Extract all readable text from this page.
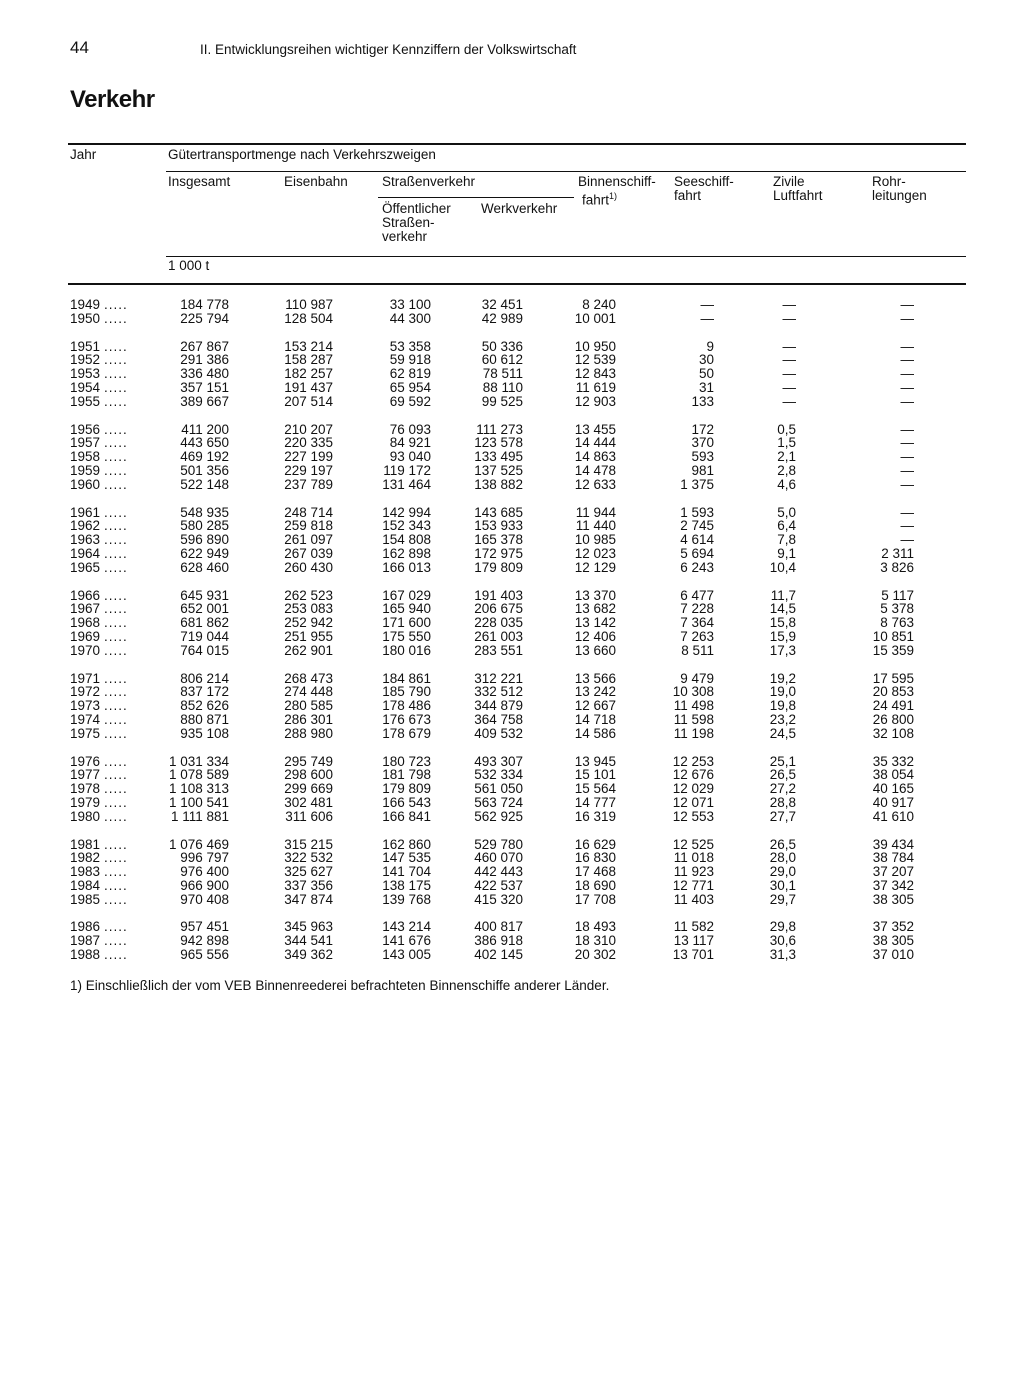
44	II. Entwicklungsreihen wichtiger Kennziffern der Volkswirtschaft
Verkehr
Jahr	Gütertransportmenge nach Verkehrszweigen
Insgesamt	Eisenbahn	Straßenverkehr
Öffentlicher
Straßen-
verkehr
Werkverkehr
Binnenschiff-
fahrt$^{1)}$
Seeschiff-
fahrt
Zivile
Luftfahrt
Rohr-
leitungen
1 000 t
1949 .....	184 778	110 987	33 100	32 451	8 240	—	—	—
1950 .....	225 794	128 504	44 300	42 989	10 001	—	—	—
1951 .....	267 867	153 214	53 358	50 336	10 950	9	—	—
1952 .....	291 386	158 287	59 918	60 612	12 539	30	—	—
1953 .....	336 480	182 257	62 819	78 511	12 843	50	—	—
1954 .....	357 151	191 437	65 954	88 110	11 619	31	—	—
1955 .....	389 667	207 514	69 592	99 525	12 903	133	—	—
1956 .....	411 200	210 207	76 093	111 273	13 455	172	0,5	—
1957 .....	443 650	220 335	84 921	123 578	14 444	370	1,5	—
1958 .....	469 192	227 199	93 040	133 495	14 863	593	2,1	—
1959 .....	501 356	229 197	119 172	137 525	14 478	981	2,8	—
1960 .....	522 148	237 789	131 464	138 882	12 633	1 375	4,6	—
1961 .....	548 935	248 714	142 994	143 685	11 944	1 593	5,0	—
1962 .....	580 285	259 818	152 343	153 933	11 440	2 745	6,4	—
1963 .....	596 890	261 097	154 808	165 378	10 985	4 614	7,8	—
1964 .....	622 949	267 039	162 898	172 975	12 023	5 694	9,1	2 311
1965 .....	628 460	260 430	166 013	179 809	12 129	6 243	10,4	3 826
1966 .....	645 931	262 523	167 029	191 403	13 370	6 477	11,7	5 117
1967 .....	652 001	253 083	165 940	206 675	13 682	7 228	14,5	5 378
1968 .....	681 862	252 942	171 600	228 035	13 142	7 364	15,8	8 763
1969 .....	719 044	251 955	175 550	261 003	12 406	7 263	15,9	10 851
1970 .....	764 015	262 901	180 016	283 551	13 660	8 511	17,3	15 359
1971 .....	806 214	268 473	184 861	312 221	13 566	9 479	19,2	17 595
1972 .....	837 172	274 448	185 790	332 512	13 242	10 308	19,0	20 853
1973 .....	852 626	280 585	178 486	344 879	12 667	11 498	19,8	24 491
1974 .....	880 871	286 301	176 673	364 758	14 718	11 598	23,2	26 800
1975 .....	935 108	288 980	178 679	409 532	14 586	11 198	24,5	32 108
1976 .....	1 031 334	295 749	180 723	493 307	13 945	12 253	25,1	35 332
1977 .....	1 078 589	298 600	181 798	532 334	15 101	12 676	26,5	38 054
1978 .....	1 108 313	299 669	179 809	561 050	15 564	12 029	27,2	40 165
1979 .....	1 100 541	302 481	166 543	563 724	14 777	12 071	28,8	40 917
1980 .....	1 111 881	311 606	166 841	562 925	16 319	12 553	27,7	41 610
1981 .....	1 076 469	315 215	162 860	529 780	16 629	12 525	26,5	39 434
1982 .....	996 797	322 532	147 535	460 070	16 830	11 018	28,0	38 784
1983 .....	976 400	325 627	141 704	442 443	17 468	11 923	29,0	37 207
1984 .....	966 900	337 356	138 175	422 537	18 690	12 771	30,1	37 342
1985 .....	970 408	347 874	139 768	415 320	17 708	11 403	29,7	38 305
1986 .....	957 451	345 963	143 214	400 817	18 493	11 582	29,8	37 352
1987 .....	942 898	344 541	141 676	386 918	18 310	13 117	30,6	38 305
1988 .....	965 556	349 362	143 005	402 145	20 302	13 701	31,3	37 010
1) Einschließlich der vom VEB Binnenreederei befrachteten Binnenschiffe anderer Länder.
